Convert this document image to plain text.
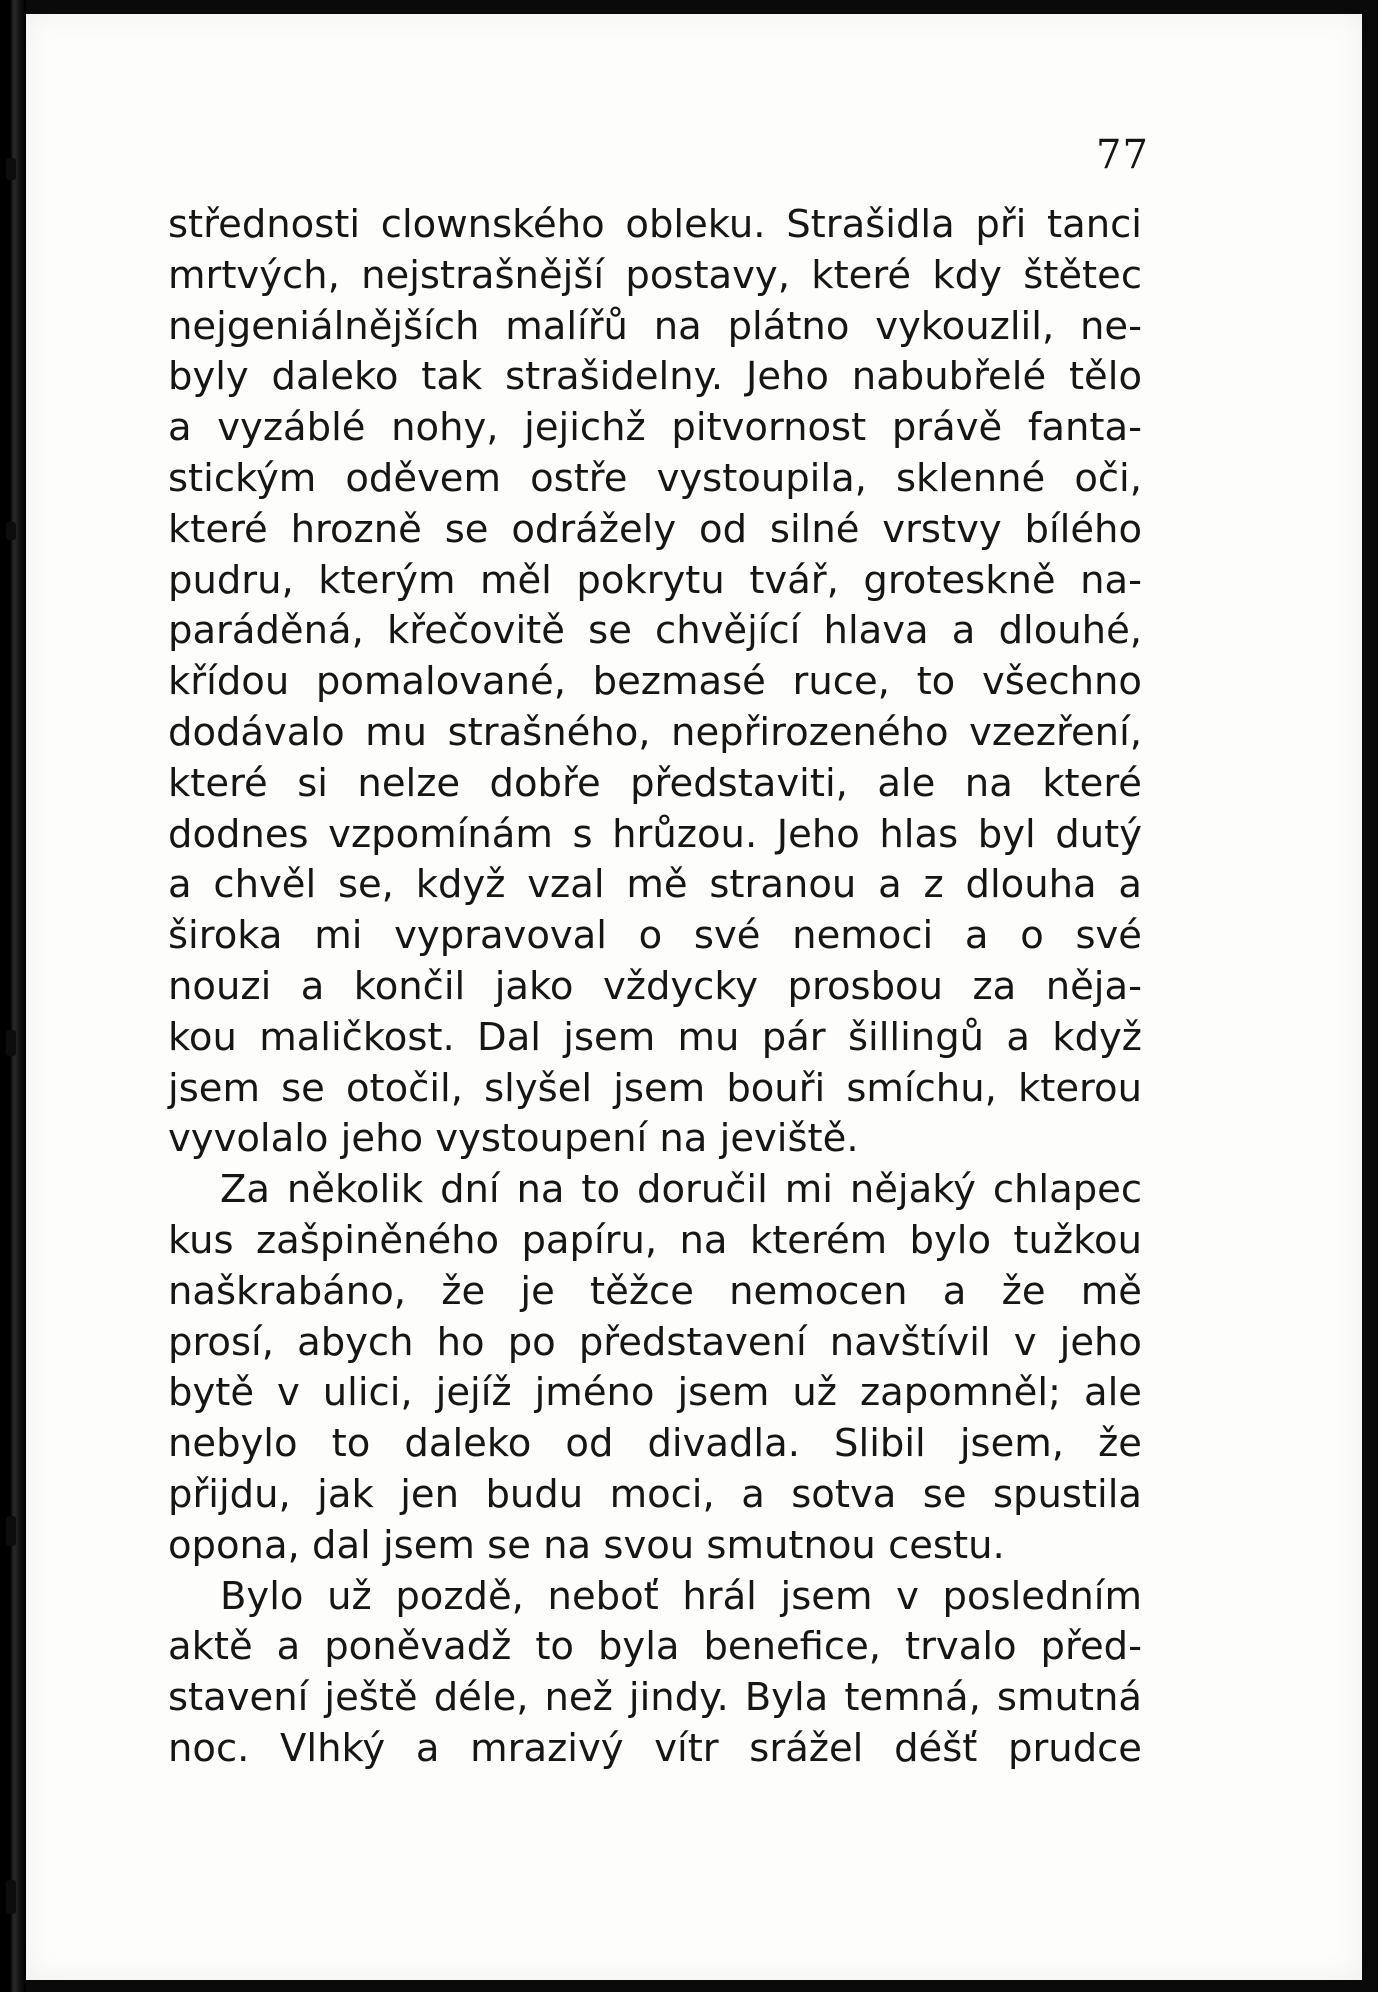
77
střednosti clownského obleku. Strašidla při tanci
mrtvých, nejstrašnější postavy, které kdy štětec
nejgeniálnějších malířů na plátno vykouzlil, ne-
byly daleko tak strašidelny. Jeho nabubřelé tělo
a vyzáblé nohy, jejichž pitvornost právě fanta-
stickým oděvem ostře vystoupila, sklenné oči,
které hrozně se odrážely od silné vrstvy bílého
pudru, kterým měl pokrytu tvář, groteskně na-
paráděná, křečovitě se chvějící hlava a dlouhé,
křídou pomalované, bezmasé ruce, to všechno
dodávalo mu strašného, nepřirozeného vzezření,
které si nelze dobře představiti, ale na které
dodnes vzpomínám s hrůzou. Jeho hlas byl dutý
a chvěl se, když vzal mě stranou a z dlouha a
široka mi vypravoval o své nemoci a o své
nouzi a končil jako vždycky prosbou za něja-
kou maličkost. Dal jsem mu pár šillingů a když
jsem se otočil, slyšel jsem bouři smíchu, kterou
vyvolalo jeho vystoupení na jeviště.
Za několik dní na to doručil mi nějaký chlapec
kus zašpiněného papíru, na kterém bylo tužkou
naškrabáno, že je těžce nemocen a že mě
prosí, abych ho po představení navštívil v jeho
bytě v ulici, jejíž jméno jsem už zapomněl; ale
nebylo to daleko od divadla. Slibil jsem, že
přijdu, jak jen budu moci, a sotva se spustila
opona, dal jsem se na svou smutnou cestu.
Bylo už pozdě, neboť hrál jsem v posledním
aktě a poněvadž to byla benefice, trvalo před-
stavení ještě déle, než jindy. Byla temná, smutná
noc. Vlhký a mrazivý vítr srážel déšť prudce
